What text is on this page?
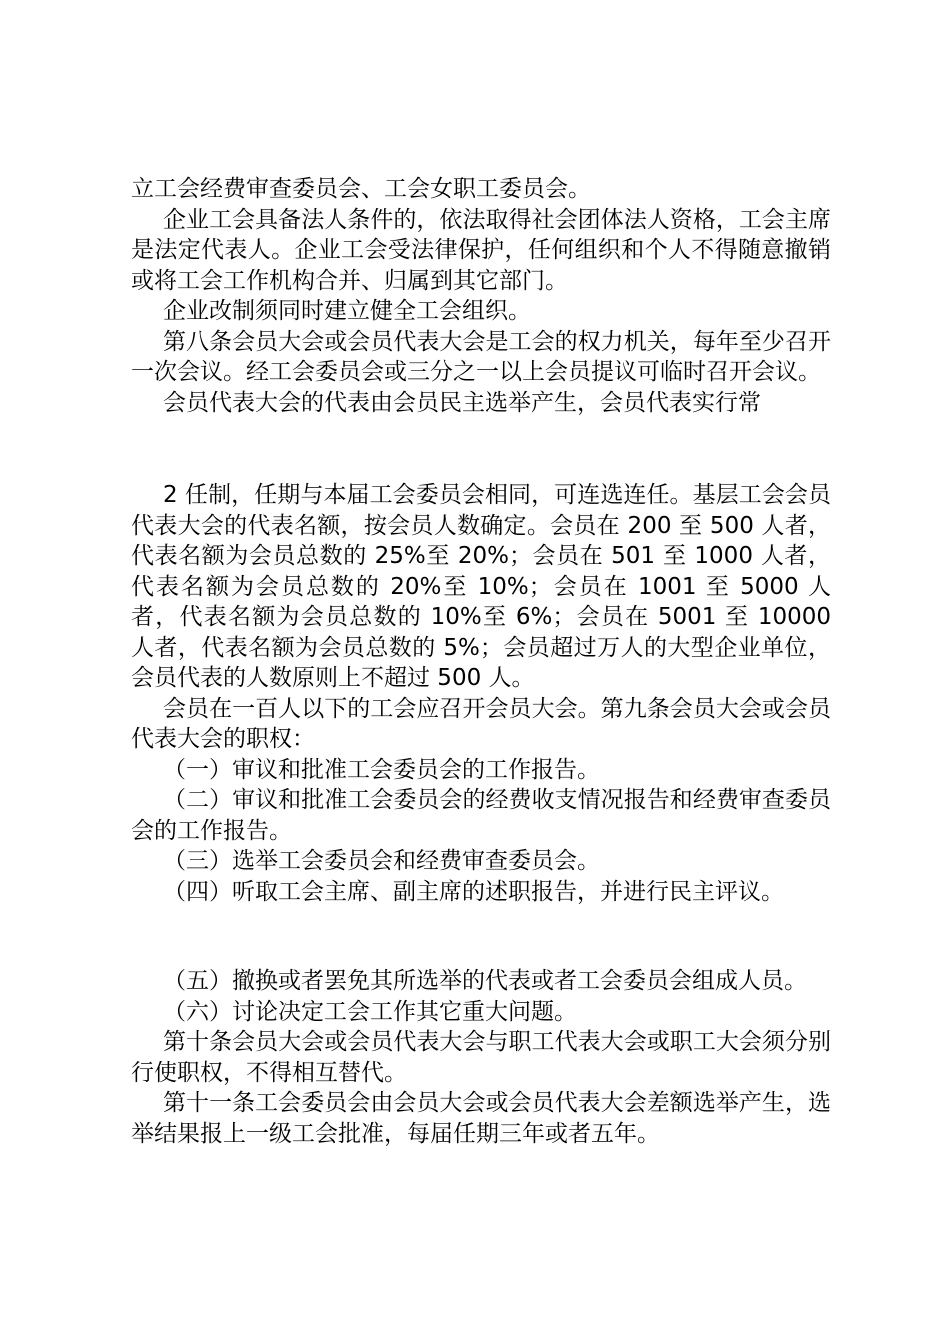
立工会经费审查委员会、工会女职工委员会。

企业工会具备法人条件的，依法取得社会团体法人资格，工会主席是法定代表人。企业工会受法律保护，任何组织和个人不得随意撤销或将工会工作机构合并、归属到其它部门。

企业改制须同时建立健全工会组织。

第八条会员大会或会员代表大会是工会的权力机关，每年至少召开一次会议。经工会委员会或三分之一以上会员提议可临时召开会议。

会员代表大会的代表由会员民主选举产生，会员代表实行常

2 任制，任期与本届工会委员会相同，可连选连任。基层工会会员代表大会的代表名额，按会员人数确定。会员在 200 至 500 人者，代表名额为会员总数的 25%至 20%；会员在 501 至 1000 人者，代表名额为会员总数的 20%至 10%；会员在 1001 至 5000 人者，代表名额为会员总数的 10%至 6%；会员在 5001 至 10000 人者，代表名额为会员总数的 5%；会员超过万人的大型企业单位，会员代表的人数原则上不超过 500 人。

会员在一百人以下的工会应召开会员大会。第九条会员大会或会员代表大会的职权：

（一）审议和批准工会委员会的工作报告。

（二）审议和批准工会委员会的经费收支情况报告和经费审查委员会的工作报告。

（三）选举工会委员会和经费审查委员会。

（四）听取工会主席、副主席的述职报告，并进行民主评议。

（五）撤换或者罢免其所选举的代表或者工会委员会组成人员。

（六）讨论决定工会工作其它重大问题。

第十条会员大会或会员代表大会与职工代表大会或职工大会须分别行使职权，不得相互替代。

第十一条工会委员会由会员大会或会员代表大会差额选举产生，选举结果报上一级工会批准，每届任期三年或者五年。
